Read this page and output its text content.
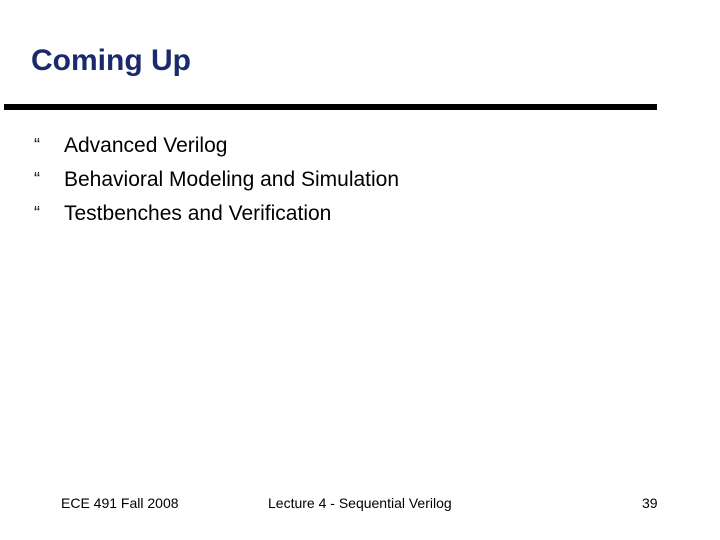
Coming Up
“	Advanced Verilog
“	Behavioral Modeling and Simulation
“	Testbenches and Verification
ECE 491 Fall 2008	Lecture 4 - Sequential Verilog	39
